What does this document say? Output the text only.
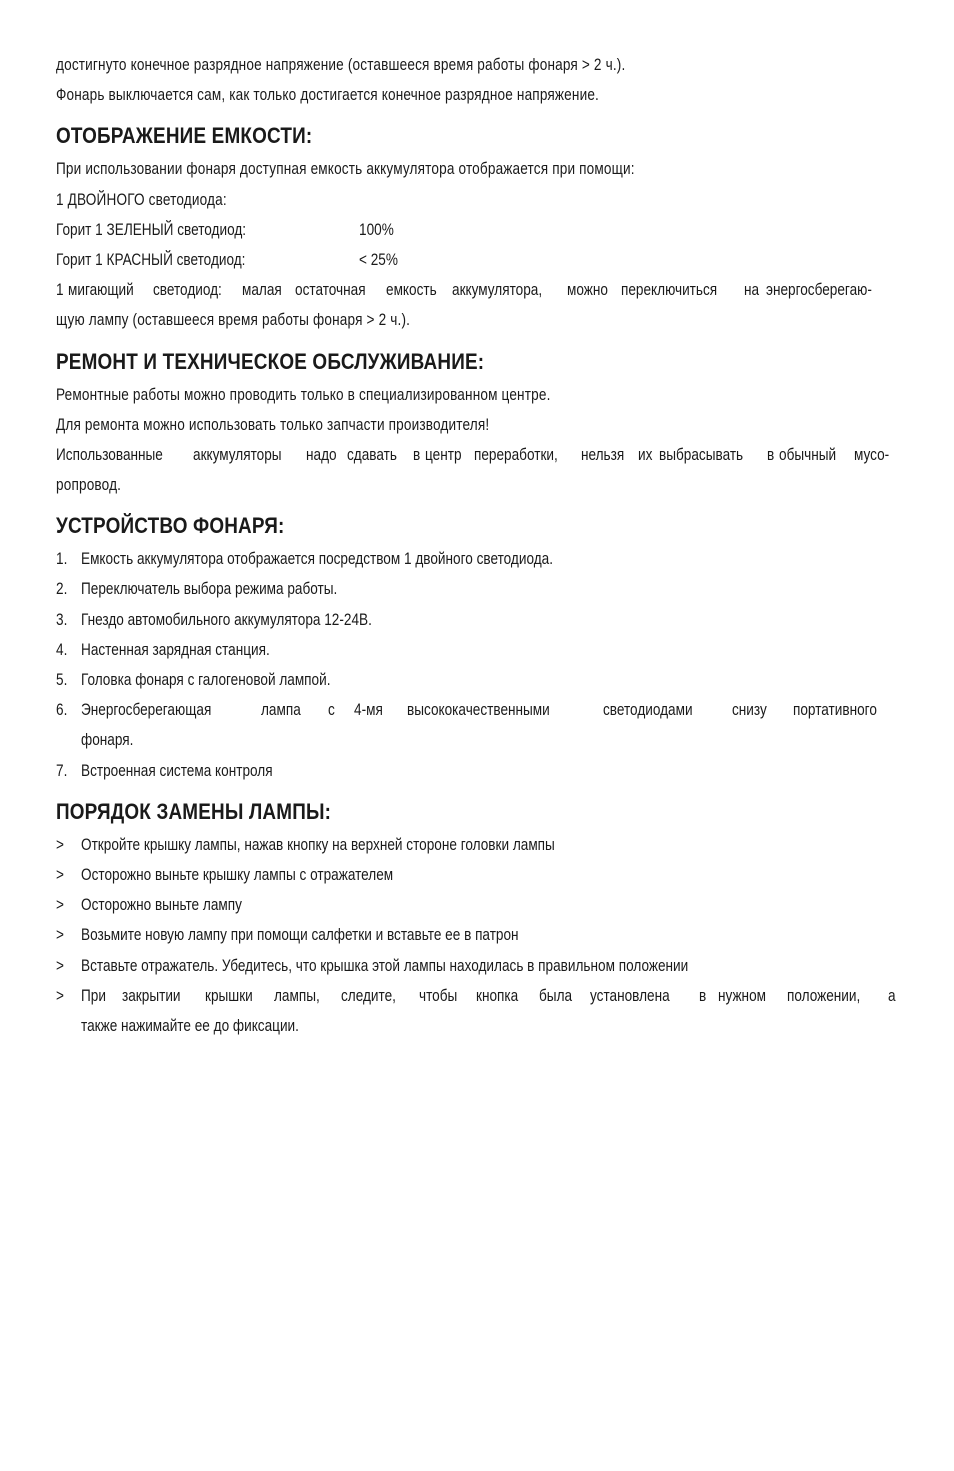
достигнуто конечное разрядное напряжение (оставшееся время работы фонаря > 2 ч.).
Фонарь выключается сам, как только достигается конечное разрядное напряжение.
ОТОБРАЖЕНИЕ ЕМКОСТИ:
При использовании фонаря доступная емкость аккумулятора отображается при помощи:
1 ДВОЙНОГО светодиода:
Горит 1 ЗЕЛЕНЫЙ светодиод:	100%
Горит 1 КРАСНЫЙ светодиод:	< 25%
1 мигающий светодиод: малая остаточная емкость аккумулятора, можно переключиться на энергосберегаю-
щую лампу (оставшееся время работы фонаря > 2 ч.).
РЕМОНТ И ТЕХНИЧЕСКОЕ ОБСЛУЖИВАНИЕ:
Ремонтные работы можно проводить только в специализированном центре.
Для ремонта можно использовать только запчасти производителя!
Использованные аккумуляторы надо сдавать в центр переработки, нельзя их выбрасывать в обычный мусо-
ропровод.
УСТРОЙСТВО ФОНАРЯ:
1. Емкость аккумулятора отображается посредством 1 двойного светодиода.
2. Переключатель выбора режима работы.
3. Гнездо автомобильного аккумулятора 12-24В.
4. Настенная зарядная станция.
5. Головка фонаря с галогеновой лампой.
6. Энергосберегающая	лампа с 4-мя высококачественными	светодиодами снизу портативного
фонаря.
7. Встроенная система контроля
ПОРЯДОК ЗАМЕНЫ ЛАМПЫ:
> Откройте крышку лампы, нажав кнопку на верхней стороне головки лампы
> Осторожно выньте крышку лампы с отражателем
> Осторожно выньте лампу
> Возьмите новую лампу при помощи салфетки и вставьте ее в патрон
> Вставьте отражатель. Убедитесь, что крышка этой лампы находилась в правильном положении
> При закрытии крышки лампы, следите, чтобы кнопка была установлена в нужном положении, а
также нажимайте ее до фиксации.
